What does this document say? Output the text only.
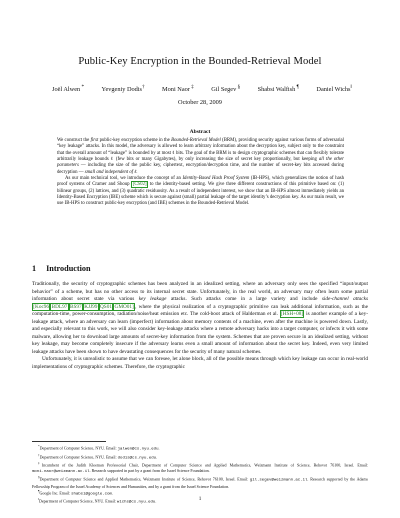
Public-Key Encryption in the Bounded-Retrieval Model
Joël Alwen *	Yevgeniy Dodis†	Moni Naor ‡	Gil Segev §	Shabsi Walfish ¶	Daniel Wichs‖
October 28, 2009
Abstract

We construct the first public-key encryption scheme in the Bounded-Retrieval Model (BRM), providing security against various forms of adversarial “key leakage” attacks. In this model, the adversary is allowed to learn arbitrary information about the decryption key, subject only to the constraint that the overall amount of “leakage” is bounded by at most ℓ bits. The goal of the BRM is to design cryptographic schemes that can flexibly tolerate arbitrarily leakage bounds ℓ (few bits or many Gigabytes), by only increasing the size of secret key proportionally, but keeping all the other parameters — including the size of the public key, ciphertext, encryption/decryption time, and the number of secret-key bits accessed during decryption — small and independent of ℓ.

As our main technical tool, we introduce the concept of an Identity-Based Hash Proof System (IB-HPS), which generalizes the notion of hash proof systems of Cramer and Shoup [CS02] to the identity-based setting. We give three different constructions of this primitive based on: (1) bilinear groups, (2) lattices, and (3) quadratic residuosity. As a result of independent interest, we show that an IB-HPS almost immediately yields an Identity-Based Encryption (IBE) scheme which is secure against (small) partial leakage of the target identity’s decryption key. As our main result, we use IB-HPS to construct public-key encryption (and IBE) schemes in the Bounded-Retrieval Model.

1 Introduction

Traditionally, the security of cryptographic schemes has been analyzed in an idealized setting, where an adversary only sees the specified “input/output behavior” of a scheme, but has no other access to its internal secret state. Unfortunately, in the real world, an adversary may often learn some partial information about secret state via various key leakage attacks. Such attacks come in a large variety and include side-channel attacks [Koc96 BDL97 BS97 KJJ99 QS01 GMO01], where the physical realization of a cryptographic primitive can leak additional information, such as the computation-time, power-consumption, radiation/noise/heat emission etc. The cold-boot attack of Halderman et al. [HSH+08] is another example of a key-leakage attack, where an adversary can learn (imperfect) information about memory contents of a machine, even after the machine is powered down. Lastly, and especially relevant to this work, we will also consider key-leakage attacks where a remote adversary hacks into a target computer, or infects it with some malware, allowing her to download large amounts of secret-key information from the system. Schemes that are proven secure in an idealized setting, without key leakage, may become completely insecure if the adversary learns even a small amount of information about the secret key. Indeed, even very limited leakage attacks have been shown to have devastating consequences for the security of many natural schemes.

Unfortunately, it is unrealistic to assume that we can foresee, let alone block, all of the possible means through which key leakage can occur in real-world implementations of cryptographic schemes. Therefore, the cryptographic

*Department of Computer Science, NYU. Email: jalwen@cs.nyu.edu.
†Department of Computer Science, NYU. Email: dodis@cs.nyu.edu.
‡Incumbent of the Judith Kleeman Professorial Chair, Department of Computer Science and Applied Mathematics, Weizmann Institute of Science, Rehovot 76100, Israel. Email: moni.naor@weizmann.ac.il. Research supported in part by a grant from the Israel Science Foundation.
§Department of Computer Science and Applied Mathematics, Weizmann Institute of Science, Rehovot 76100, Israel. Email: gil.segev@weizmann.ac.il. Research supported by the Adams Fellowship Program of the Israel Academy of Sciences and Humanities, and by a grant from the Israel Science Foundation.
¶Google Inc. Email: shabsi@google.com.
‖Department of Computer Science, NYU. Email: wichs@cs.nyu.edu.	1
